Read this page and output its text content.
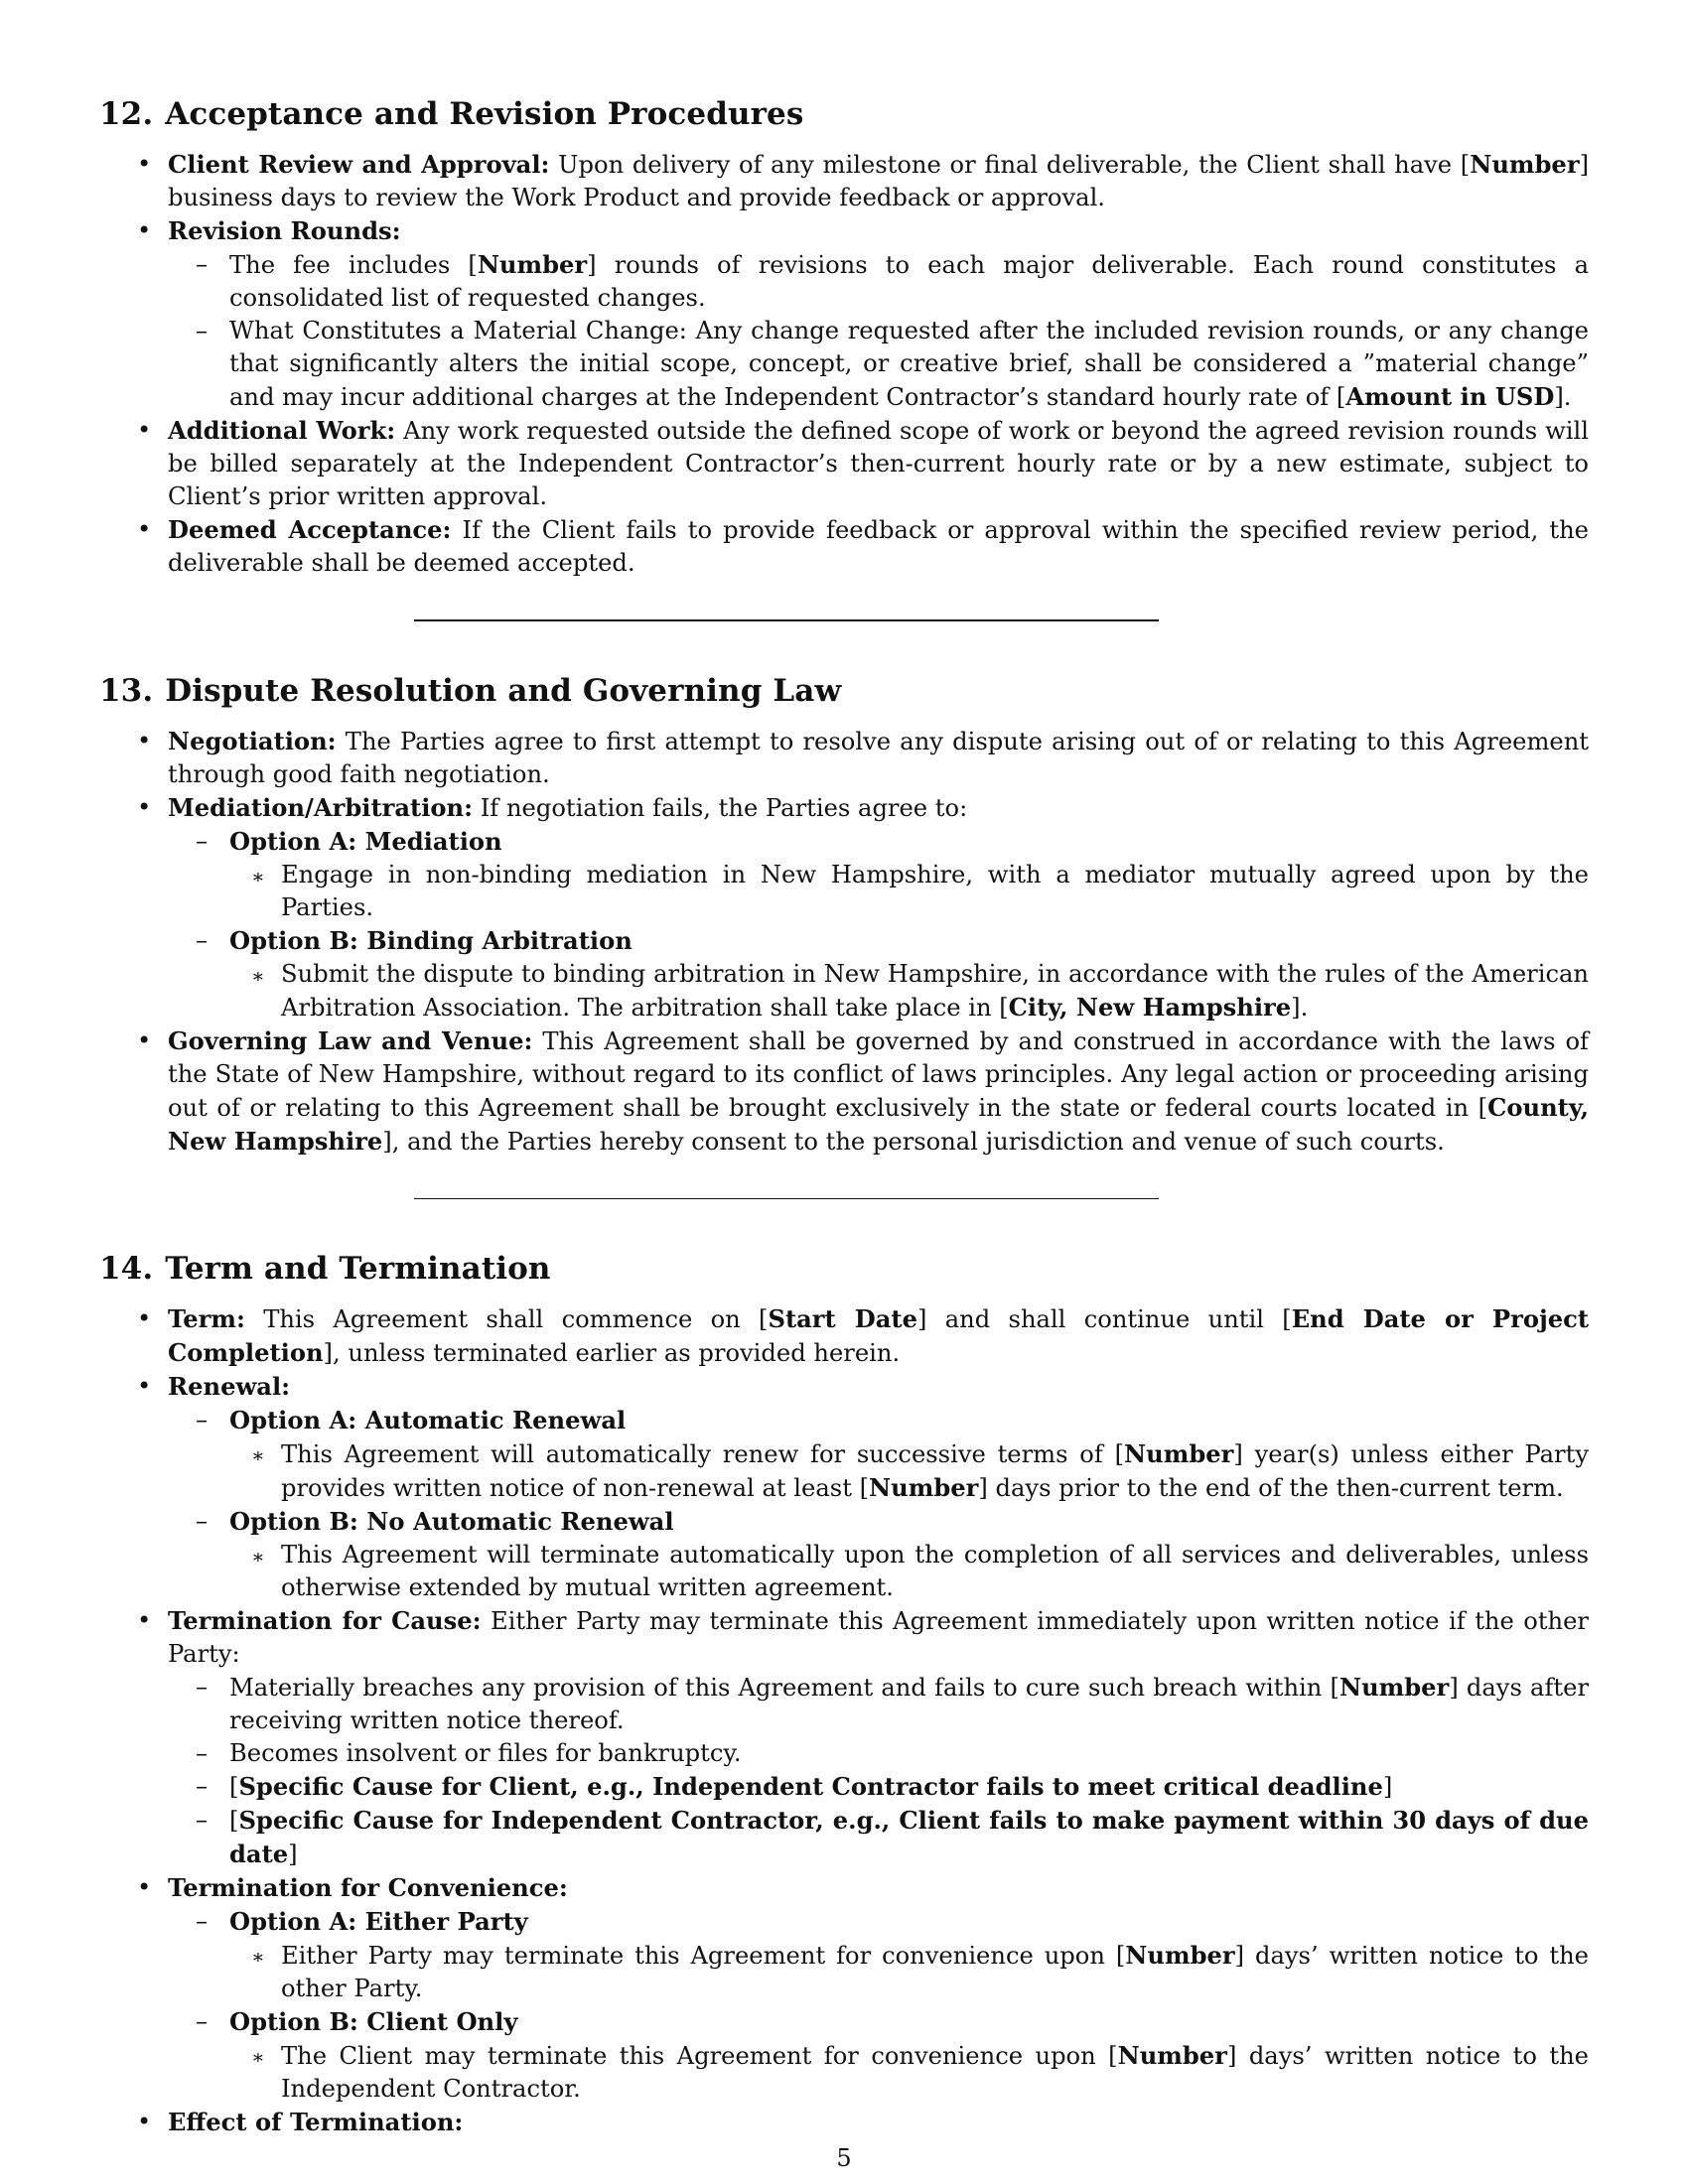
12. Acceptance and Revision Procedures
• Client Review and Approval: Upon delivery of any milestone or final deliverable, the Client shall have [Number] business days to review the Work Product and provide feedback or approval.
• Revision Rounds:
– The fee includes [Number] rounds of revisions to each major deliverable. Each round constitutes a consolidated list of requested changes.
– What Constitutes a Material Change: Any change requested after the included revision rounds, or any change that significantly alters the initial scope, concept, or creative brief, shall be considered a ”material change” and may incur additional charges at the Independent Contractor’s standard hourly rate of [Amount in USD].
• Additional Work: Any work requested outside the defined scope of work or beyond the agreed revision rounds will be billed separately at the Independent Contractor’s then-current hourly rate or by a new estimate, subject to Client’s prior written approval.
• Deemed Acceptance: If the Client fails to provide feedback or approval within the specified review period, the deliverable shall be deemed accepted.
13. Dispute Resolution and Governing Law
• Negotiation: The Parties agree to first attempt to resolve any dispute arising out of or relating to this Agreement through good faith negotiation.
• Mediation/Arbitration: If negotiation fails, the Parties agree to:
– Option A: Mediation
∗ Engage in non-binding mediation in New Hampshire, with a mediator mutually agreed upon by the Parties.
– Option B: Binding Arbitration
∗ Submit the dispute to binding arbitration in New Hampshire, in accordance with the rules of the American Arbitration Association. The arbitration shall take place in [City, New Hampshire].
• Governing Law and Venue: This Agreement shall be governed by and construed in accordance with the laws of the State of New Hampshire, without regard to its conflict of laws principles. Any legal action or proceeding arising out of or relating to this Agreement shall be brought exclusively in the state or federal courts located in [County, New Hampshire], and the Parties hereby consent to the personal jurisdiction and venue of such courts.
14. Term and Termination
• Term: This Agreement shall commence on [Start Date] and shall continue until [End Date or Project Completion], unless terminated earlier as provided herein.
• Renewal:
– Option A: Automatic Renewal
∗ This Agreement will automatically renew for successive terms of [Number] year(s) unless either Party provides written notice of non-renewal at least [Number] days prior to the end of the then-current term.
– Option B: No Automatic Renewal
∗ This Agreement will terminate automatically upon the completion of all services and deliverables, unless otherwise extended by mutual written agreement.
• Termination for Cause: Either Party may terminate this Agreement immediately upon written notice if the other Party:
– Materially breaches any provision of this Agreement and fails to cure such breach within [Number] days after receiving written notice thereof.
– Becomes insolvent or files for bankruptcy.
– [Specific Cause for Client, e.g., Independent Contractor fails to meet critical deadline]
– [Specific Cause for Independent Contractor, e.g., Client fails to make payment within 30 days of due date]
• Termination for Convenience:
– Option A: Either Party
∗ Either Party may terminate this Agreement for convenience upon [Number] days’ written notice to the other Party.
– Option B: Client Only
∗ The Client may terminate this Agreement for convenience upon [Number] days’ written notice to the Independent Contractor.
• Effect of Termination:
5
